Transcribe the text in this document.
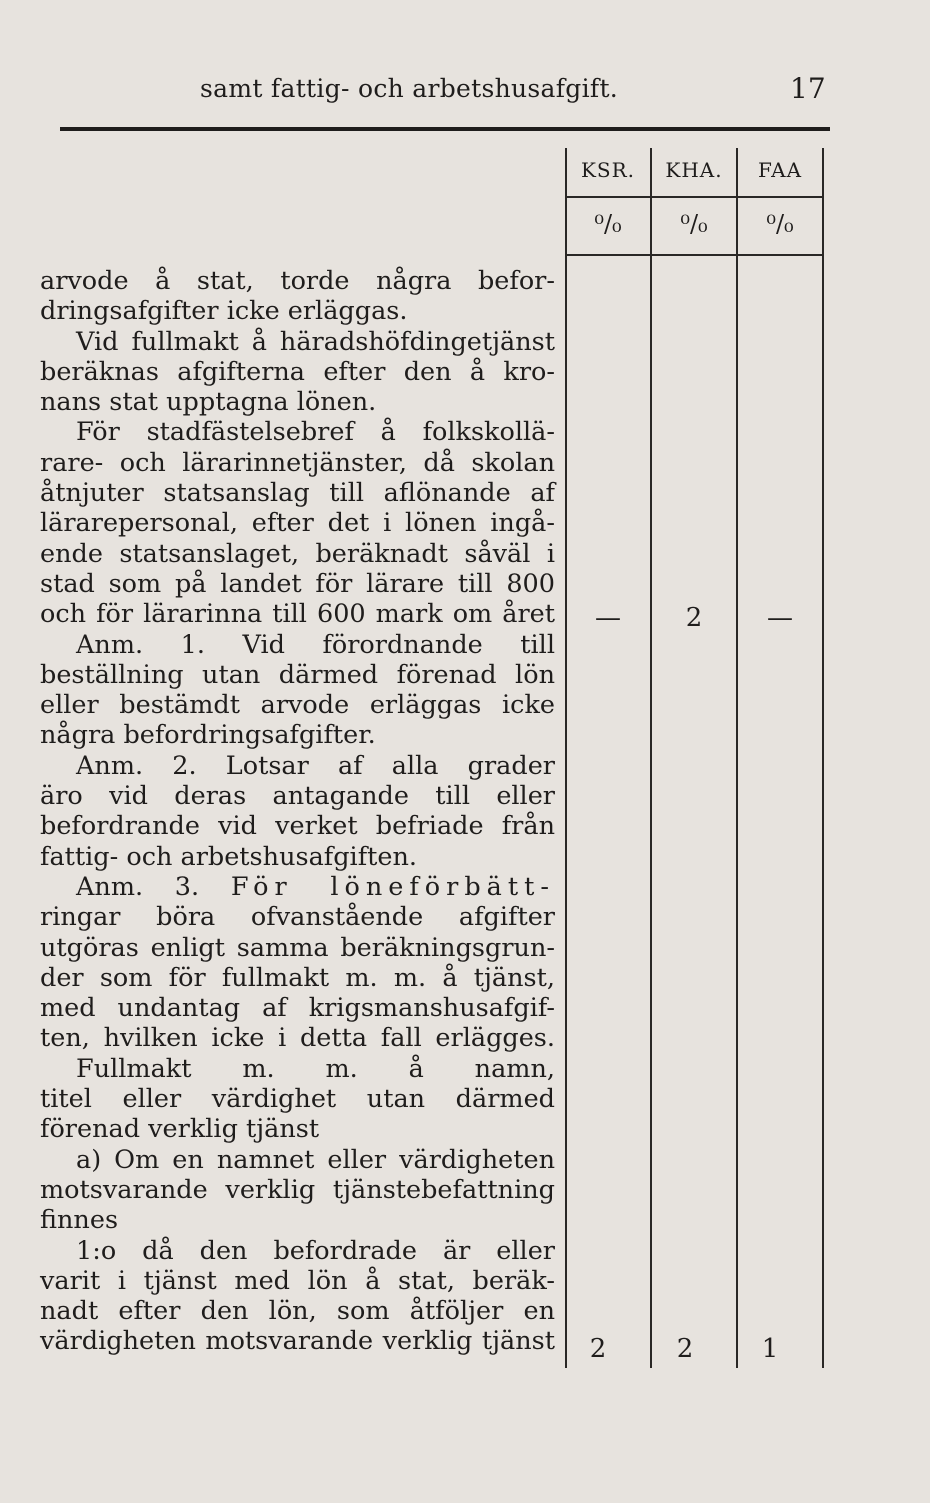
samt fattig- och arbetshusafgift.	17
KSR.	KHA.	FAA
⁰/₀	⁰/₀	⁰/₀
arvode å stat, torde några befor-
dringsafgifter icke erläggas.
Vid fullmakt å häradshöfdingetjänst
beräknas afgifterna efter den å kro-
nans stat upptagna lönen.
För stadfästelsebref å folkskollä-
rare- och lärarinnetjänster, då skolan
åtnjuter statsanslag till aflönande af
lärarepersonal, efter det i lönen ingå-
ende statsanslaget, beräknadt såväl i
stad som på landet för lärare till 800
och för lärarinna till 600 mark om året
Anm. 1. Vid förordnande till
beställning utan därmed förenad lön
eller bestämdt arvode erläggas icke
några befordringsafgifter.
Anm. 2. Lotsar af alla grader
äro vid deras antagande till eller
befordrande vid verket befriade från
fattig- och arbetshusafgiften.
Anm. 3. För löneförbätt-
ringar böra ofvanstående afgifter
utgöras enligt samma beräkningsgrun-
der som för fullmakt m. m. å tjänst,
med undantag af krigsmanshusafgif-
ten, hvilken icke i detta fall erlägges.
Fullmakt m. m. å namn,
titel eller värdighet utan därmed
förenad verklig tjänst
a) Om en namnet eller värdigheten
motsvarande verklig tjänstebefattning
finnes
1:o då den befordrade är eller
varit i tjänst med lön å stat, beräk-
nadt efter den lön, som åtföljer en
värdigheten motsvarande verklig tjänst
—	2	—
2	2	1
